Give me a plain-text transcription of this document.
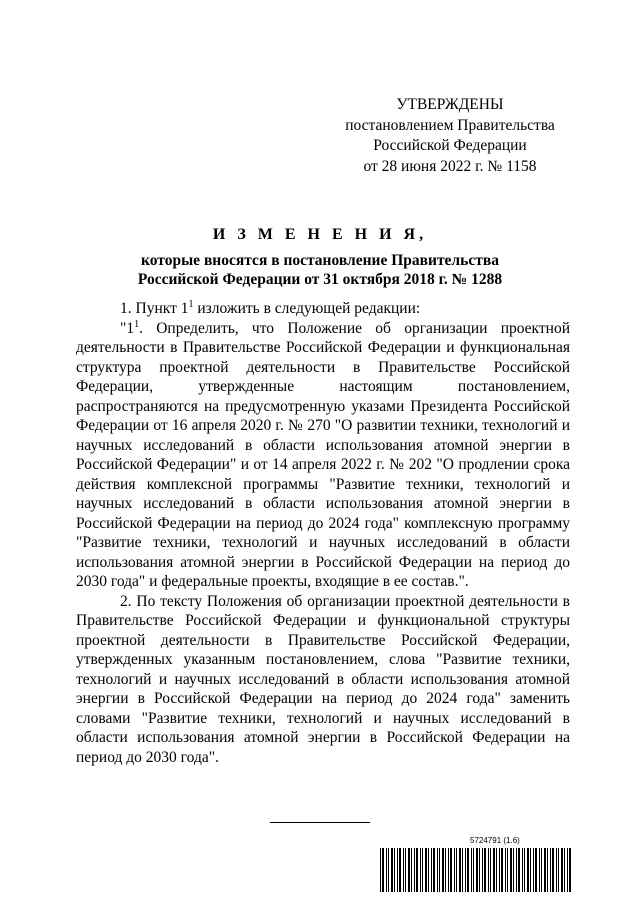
УТВЕРЖДЕНЫ
постановлением Правительства
Российской Федерации
от 28 июня 2022 г. № 1158
И З М Е Н Е Н И Я,
которые вносятся в постановление Правительства
Российской Федерации от 31 октября 2018 г. № 1288

1. Пункт $1^1$ изложить в следующей редакции:

"$1^1$. Определить, что Положение об организации проектной деятельности в Правительстве Российской Федерации и функциональная структура проектной деятельности в Правительстве Российской Федерации, утвержденные настоящим постановлением, распространяются на предусмотренную указами Президента Российской Федерации от 16 апреля 2020 г. № 270 "О развитии техники, технологий и научных исследований в области использования атомной энергии в Российской Федерации" и от 14 апреля 2022 г. № 202 "О продлении срока действия комплексной программы "Развитие техники, технологий и научных исследований в области использования атомной энергии в Российской Федерации на период до 2024 года" комплексную программу "Развитие техники, технологий и научных исследований в области использования атомной энергии в Российской Федерации на период до 2030 года" и федеральные проекты, входящие в ее состав.".

2. По тексту Положения об организации проектной деятельности в Правительстве Российской Федерации и функциональной структуры проектной деятельности в Правительстве Российской Федерации, утвержденных указанным постановлением, слова "Развитие техники, технологий и научных исследований в области использования атомной энергии в Российской Федерации на период до 2024 года" заменить словами "Развитие техники, технологий и научных исследований в области использования атомной энергии в Российской Федерации на период до 2030 года".

5724791 (1.6)
